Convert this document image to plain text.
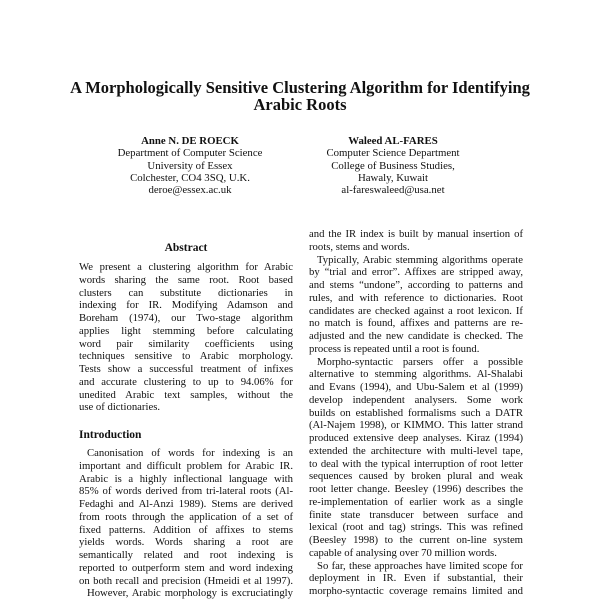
A Morphologically Sensitive Clustering Algorithm for Identifying
Arabic Roots
Anne N. DE ROECK
Department of Computer Science
University of Essex
Colchester, CO4 3SQ, U.K.
deroe@essex.ac.uk
Waleed AL-FARES
Computer Science Department
College of Business Studies,
Hawaly, Kuwait
al-fareswaleed@usa.net
Abstract
We present a clustering algorithm for Arabic
words sharing the same root. Root based
clusters can substitute dictionaries in
indexing for IR. Modifying Adamson and
Boreham (1974), our Two-stage algorithm
applies light stemming before calculating
word pair similarity coefficients using
techniques sensitive to Arabic morphology.
Tests show a successful treatment of infixes
and accurate clustering to up to 94.06% for
unedited Arabic text samples, without the
use of dictionaries.
Introduction
Canonisation of words for indexing is an
important and difficult problem for Arabic IR.
Arabic is a highly inflectional language with
85% of words derived from tri-lateral roots (Al-
Fedaghi and Al-Anzi 1989). Stems are derived
from roots through the application of a set of
fixed patterns. Addition of affixes to stems
yields words. Words sharing a root are
semantically related and root indexing is
reported to outperform stem and word indexing
on both recall and precision (Hmeidi et al 1997).
However, Arabic morphology is excruciatingly
and the IR index is built by manual insertion of
roots, stems and words.
Typically, Arabic stemming algorithms operate
by “trial and error”. Affixes are stripped away,
and stems “undone”, according to patterns and
rules, and with reference to dictionaries. Root
candidates are checked against a root lexicon. If
no match is found, affixes and patterns are re-
adjusted and the new candidate is checked. The
process is repeated until a root is found.
Morpho-syntactic parsers offer a possible
alternative to stemming algorithms. Al-Shalabi
and Evans (1994), and Ubu-Salem et al (1999)
develop independent analysers. Some work
builds on established formalisms such a DATR
(Al-Najem 1998), or KIMMO. This latter strand
produced extensive deep analyses. Kiraz (1994)
extended the architecture with multi-level tape,
to deal with the typical interruption of root letter
sequences caused by broken plural and weak
root letter change. Beesley (1996) describes the
re-implementation of earlier work as a single
finite state transducer between surface and
lexical (root and tag) strings. This was refined
(Beesley 1998) to the current on-line system
capable of analysing over 70 million words.
So far, these approaches have limited scope for
deployment in IR. Even if substantial, their
morpho-syntactic coverage remains limited and
